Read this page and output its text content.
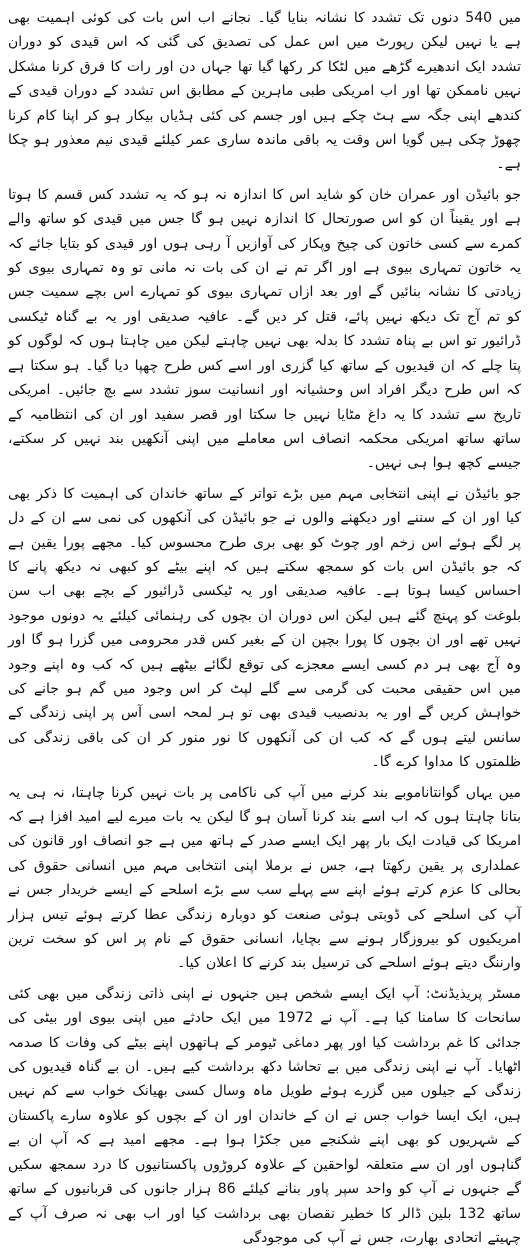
میں 540 دنوں تک تشدد کا نشانہ بنایا گیا۔ نجانے اب اس بات کی کوئی اہمیت بھی ہے یا نہیں لیکن رپورٹ میں اس عمل کی تصدیق کی گئی کہ اس قیدی کو دوران تشدد ایک اندھیرے گڑھے میں لٹکا کر رکھا گیا تھا جہاں دن اور رات کا فرق کرنا مشکل نہیں ناممکن تھا اور اب امریکی طبی ماہرین کے مطابق اس تشدد کے دوران قیدی کے کندھے اپنی جگہ سے ہٹ چکے ہیں اور جسم کی کئی ہڈیاں بیکار ہو کر اپنا کام کرنا چھوڑ چکی ہیں گویا اس وقت یہ باقی ماندہ ساری عمر کیلئے قیدی نیم معذور ہو چکا ہے۔

جو بائیڈن اور عمران خان کو شاید اس کا اندازہ نہ ہو کہ یہ تشدد کس قسم کا ہوتا ہے اور یقیناً ان کو اس صورتحال کا اندازہ نہیں ہو گا جس میں قیدی کو ساتھ والے کمرے سے کسی خاتون کی چیخ وپکار کی آوازیں آ رہی ہوں اور قیدی کو بتایا جائے کہ یہ خاتون تمہاری بیوی ہے اور اگر تم نے ان کی بات نہ مانی تو وہ تمہاری بیوی کو زیادتی کا نشانہ بنائیں گے اور بعد ازاں تمہاری بیوی کو تمہارے اس بچے سمیت جس کو تم آج تک دیکھ نہیں پائے، قتل کر دیں گے۔ عافیہ صدیقی اور یہ بے گناہ ٹیکسی ڈرائیور تو اس بے پناہ تشدد کا بدلہ بھی نہیں چاہتے لیکن میں چاہتا ہوں کہ لوگوں کو پتا چلے کہ ان قیدیوں کے ساتھ کیا گزری اور اسے کس طرح چھپا دیا گیا۔ ہو سکتا ہے کہ اس طرح دیگر افراد اس وحشیانہ اور انسانیت سوز تشدد سے بچ جائیں۔ امریکی تاریخ سے تشدد کا یہ داغ مٹایا نہیں جا سکتا اور قصر سفید اور ان کی انتظامیہ کے ساتھ ساتھ امریکی محکمہ انصاف اس معاملے میں اپنی آنکھیں بند نہیں کر سکتے، جیسے کچھ ہوا ہی نہیں۔

جو بائیڈن نے اپنی انتخابی مہم میں بڑے تواتر کے ساتھ خاندان کی اہمیت کا ذکر بھی کیا اور ان کے سننے اور دیکھنے والوں نے جو بائیڈن کی آنکھوں کی نمی سے ان کے دل پر لگے ہوئے اس زخم اور چوٹ کو بھی بری طرح محسوس کیا۔ مجھے پورا یقین ہے کہ جو بائیڈن اس بات کو سمجھ سکتے ہیں کہ اپنے بیٹے کو کبھی نہ دیکھ پانے کا احساس کیسا ہوتا ہے۔ عافیہ صدیقی اور یہ ٹیکسی ڈرائیور کے بچے بھی اب سن بلوغت کو پہنچ گئے ہیں لیکن اس دوران ان بچوں کی رہنمائی کیلئے یہ دونوں موجود نہیں تھے اور ان بچوں کا پورا بچپن ان کے بغیر کس قدر محرومی میں گزرا ہو گا اور وہ آج بھی ہر دم کسی ایسے معجزے کی توقع لگائے بیٹھے ہیں کہ کب وہ اپنے وجود میں اس حقیقی محبت کی گرمی سے گلے لپٹ کر اس وجود میں گم ہو جانے کی خواہش کریں گے اور یہ بدنصیب قیدی بھی تو ہر لمحہ اسی آس پر اپنی زندگی کے سانس لیتے ہوں گے کہ کب ان کی آنکھوں کا نور منور کر ان کی باقی زندگی کی ظلمتوں کا مداوا کرے گا۔

میں یہاں گوانتاناموبے بند کرنے میں آپ کی ناکامی پر بات نہیں کرنا چاہتا، نہ ہی یہ بتانا چاہتا ہوں کہ اب اسے بند کرنا آسان ہو گا لیکن یہ بات میرے لیے امید افزا ہے کہ امریکا کی قیادت ایک بار پھر ایک ایسے صدر کے ہاتھ میں ہے جو انصاف اور قانون کی عملداری پر یقین رکھتا ہے، جس نے برملا اپنی انتخابی مہم میں انسانی حقوق کی بحالی کا عزم کرتے ہوئے اپنے سے پہلے سب سے بڑے اسلحے کے ایسے خریدار جس نے آپ کی اسلحے کی ڈوبتی ہوئی صنعت کو دوبارہ زندگی عطا کرتے ہوئے تیس ہزار امریکیوں کو بیروزگار ہونے سے بچایا، انسانی حقوق کے نام پر اس کو سخت ترین وارننگ دیتے ہوئے اسلحے کی ترسیل بند کرنے کا اعلان کیا۔

مسٹر پریذیڈنٹ: آپ ایک ایسے شخص ہیں جنہوں نے اپنی ذاتی زندگی میں بھی کئی سانحات کا سامنا کیا ہے۔ آپ نے 1972 میں ایک حادثے میں اپنی بیوی اور بیٹی کی جدائی کا غم برداشت کیا اور پھر دماغی ٹیومر کے ہاتھوں اپنے بیٹے کی وفات کا صدمہ اٹھایا۔ آپ نے اپنی زندگی میں بے تحاشا دکھ برداشت کیے ہیں۔ ان بے گناہ قیدیوں کی زندگی کے جیلوں میں گزرے ہوئے طویل ماہ وسال کسی بھیانک خواب سے کم نہیں ہیں، ایک ایسا خواب جس نے ان کے خاندان اور ان کے بچوں کو علاوہ سارے پاکستان کے شہریوں کو بھی اپنے شکنجے میں جکڑا ہوا ہے۔ مجھے امید ہے کہ آپ ان بے گناہوں اور ان سے متعلقہ لواحقین کے علاوہ کروڑوں پاکستانیوں کا درد سمجھ سکیں گے جنہوں نے آپ کو واحد سپر پاور بنانے کیلئے 86 ہزار جانوں کی قربانیوں کے ساتھ ساتھ 132 بلین ڈالر کا خطیر نقصان بھی برداشت کیا اور اب بھی نہ صرف آپ کے چہیتے اتحادی بھارت، جس نے آپ کی موجودگی
